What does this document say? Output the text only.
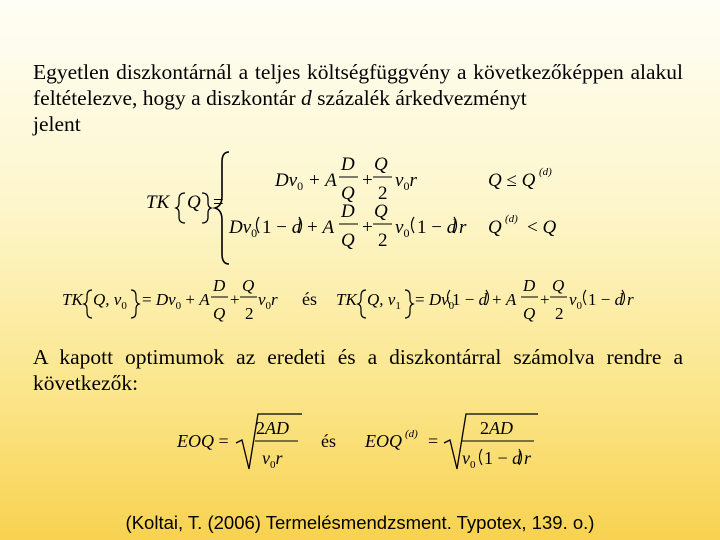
Egyetlen diszkontárnál a teljes költségfüggvény a következőképpen alakul feltételezve, hogy a diszkontár d százalék árkedvezményt
jelent
TK Q =
$Dv_0 + A$
D
Q
+
Q
2
$v_0r$	Q ≤ Q (d)
$Dv_0$ 1 − d + A
D
Q
+
Q
2
$v_0$ 1 − d r Q (d) < Q
TK Q, $v_0 = Dv_0 + A$
D
Q
+
Q
2
$v_0r$ és TK Q, $v_1 = Dv_0$
1 − d + A
D
Q
+
Q
2
$v_0$ 1 − d r
EOQ =
2AD
$v_0r$
és EOQ (d) =
2AD
$v_0$ 1 − d r
A kapott optimumok az eredeti és a diszkontárral számolva rendre a következők:
(Koltai, T. (2006) Termelésmendzsment. Typotex, 139. o.)
